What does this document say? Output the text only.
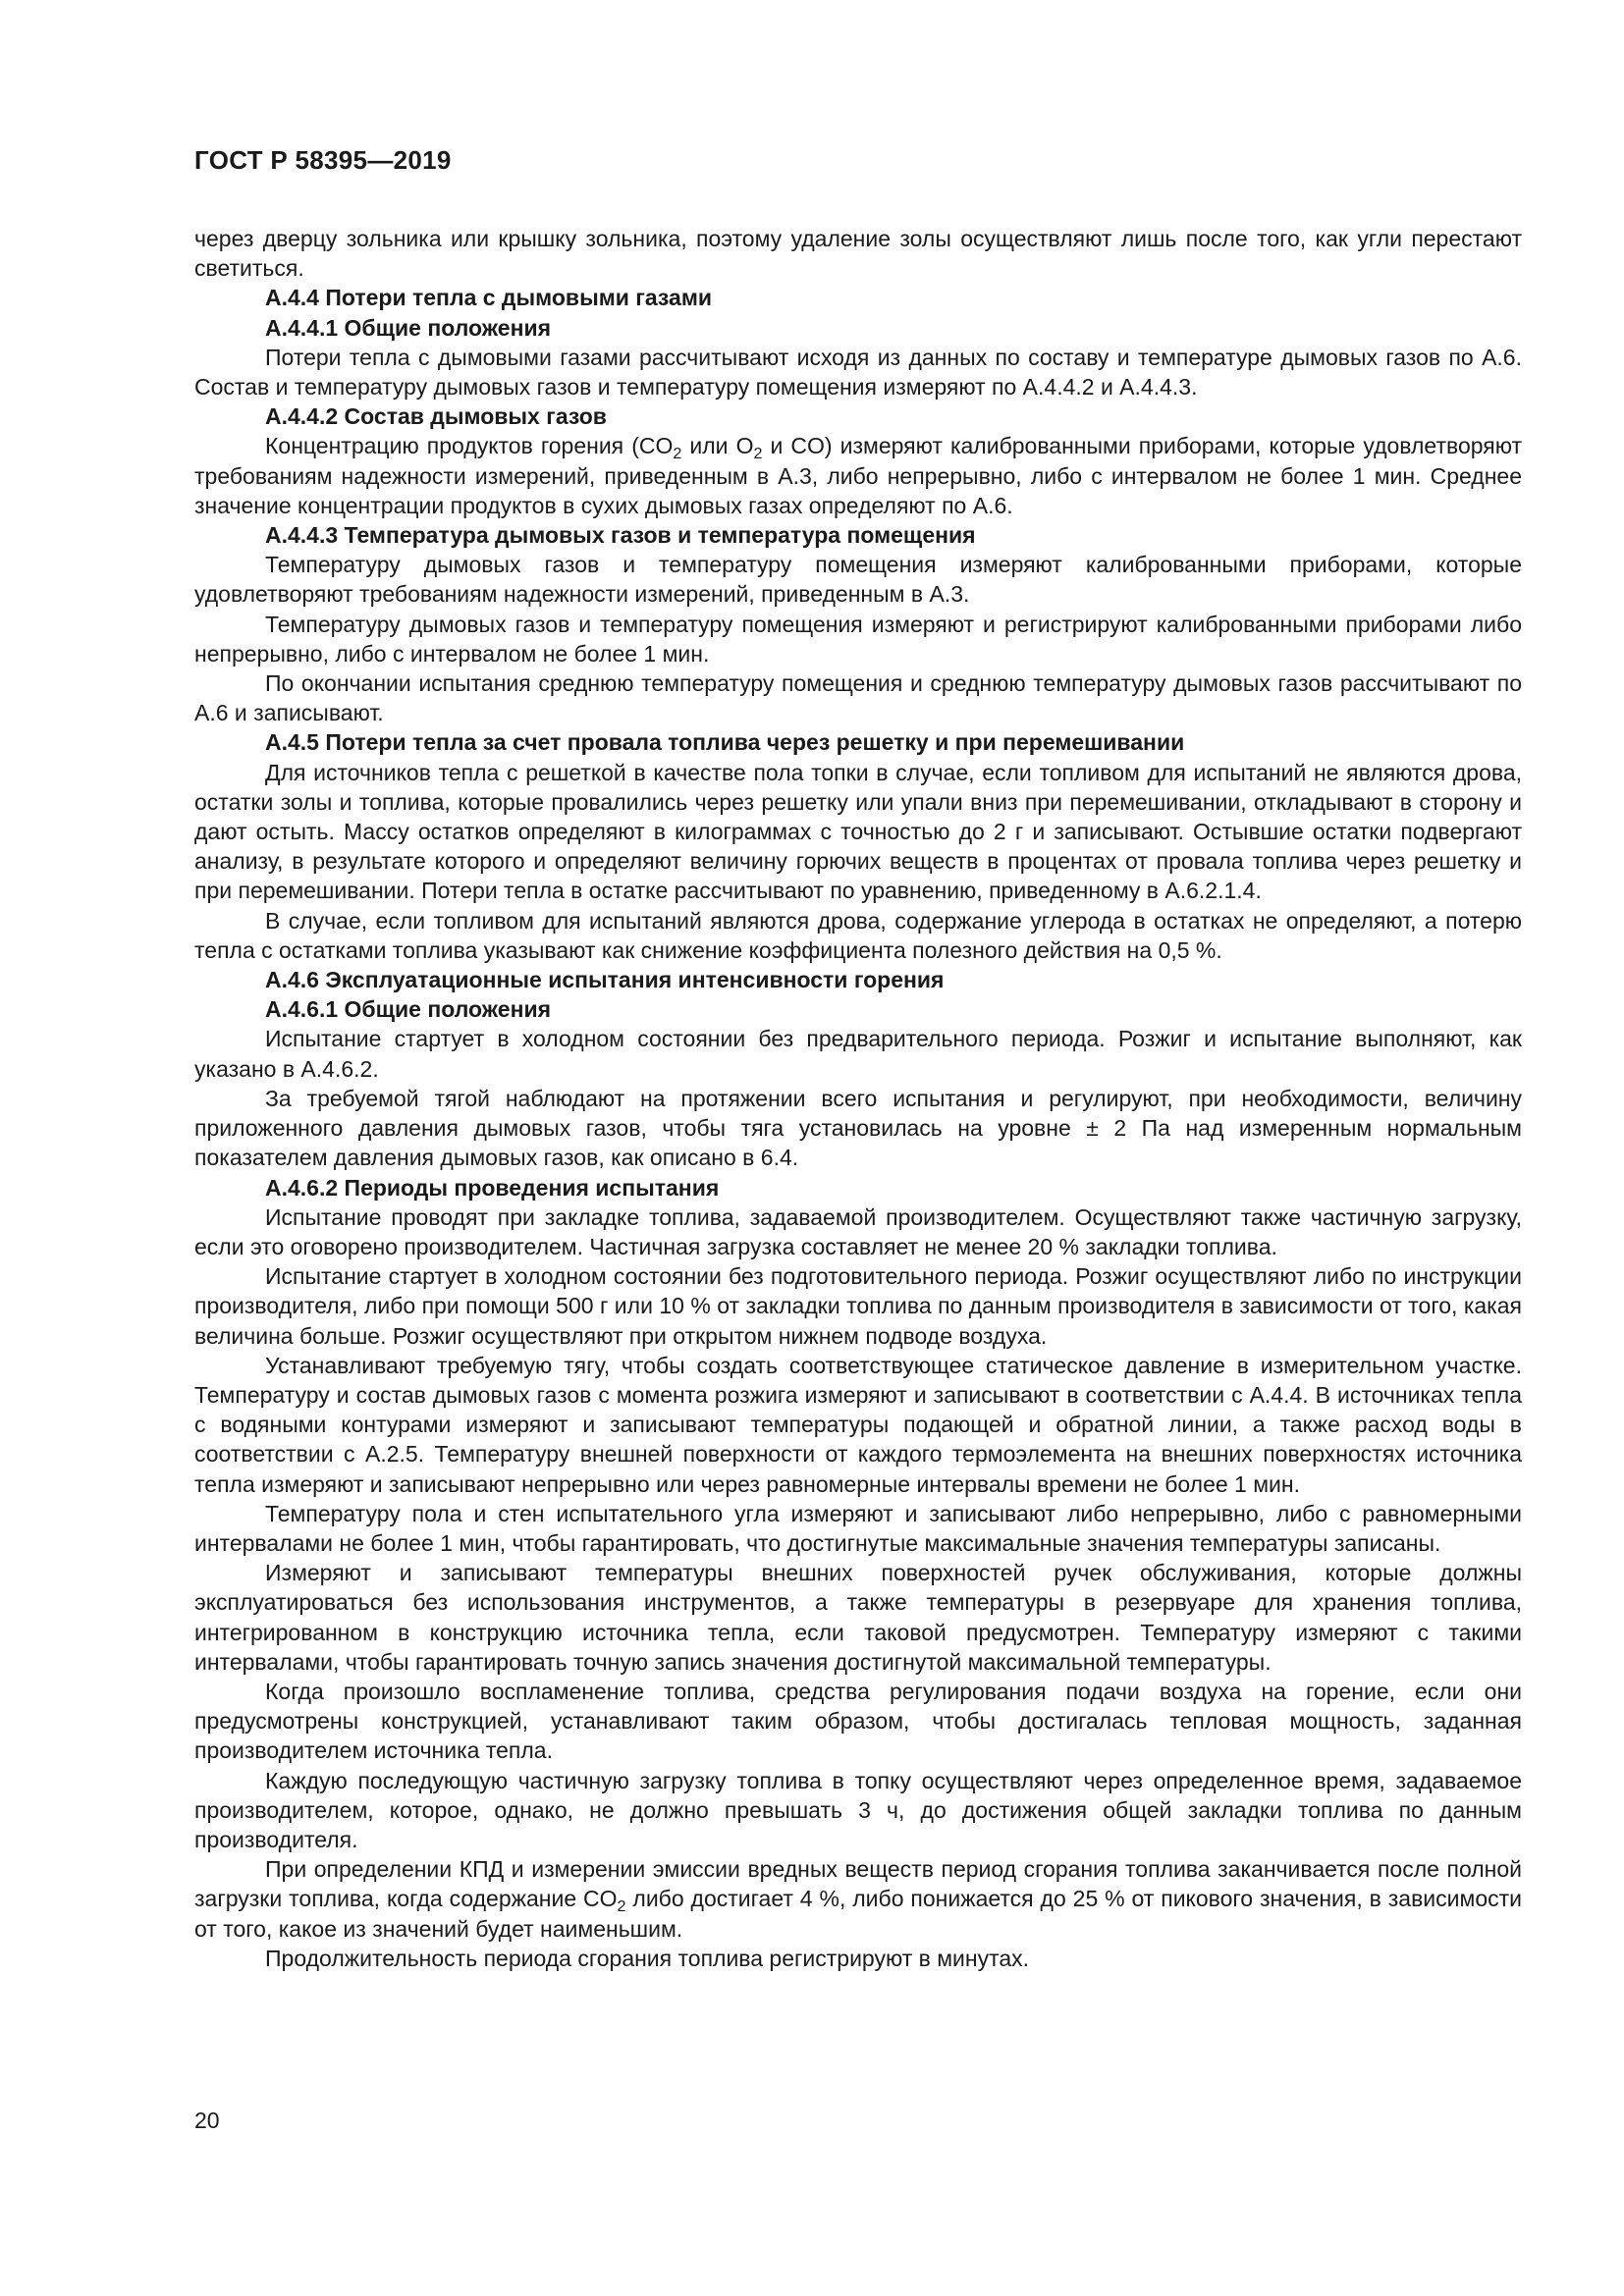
ГОСТ Р 58395—2019

через дверцу зольника или крышку зольника, поэтому удаление золы осуществляют лишь после того, как угли перестают светиться.

А.4.4 Потери тепла с дымовыми газами
А.4.4.1 Общие положения

Потери тепла с дымовыми газами рассчитывают исходя из данных по составу и температуре дымовых газов по А.6. Состав и температуру дымовых газов и температуру помещения измеряют по А.4.4.2 и А.4.4.3.

А.4.4.2 Состав дымовых газов

Концентрацию продуктов горения ($CO_2$ или $O_2$ и CO) измеряют калиброванными приборами, которые удовлетворяют требованиям надежности измерений, приведенным в А.3, либо непрерывно, либо с интервалом не более 1 мин. Среднее значение концентрации продуктов в сухих дымовых газах определяют по А.6.

А.4.4.3 Температура дымовых газов и температура помещения

Температуру дымовых газов и температуру помещения измеряют калиброванными приборами, которые удовлетворяют требованиям надежности измерений, приведенным в А.3.

Температуру дымовых газов и температуру помещения измеряют и регистрируют калиброванными приборами либо непрерывно, либо с интервалом не более 1 мин.

По окончании испытания среднюю температуру помещения и среднюю температуру дымовых газов рассчитывают по А.6 и записывают.

А.4.5 Потери тепла за счет провала топлива через решетку и при перемешивании

Для источников тепла с решеткой в качестве пола топки в случае, если топливом для испытаний не являются дрова, остатки золы и топлива, которые провалились через решетку или упали вниз при перемешивании, откладывают в сторону и дают остыть. Массу остатков определяют в килограммах с точностью до 2 г и записывают. Остывшие остатки подвергают анализу, в результате которого и определяют величину горючих веществ в процентах от провала топлива через решетку и при перемешивании. Потери тепла в остатке рассчитывают по уравнению, приведенному в А.6.2.1.4.

В случае, если топливом для испытаний являются дрова, содержание углерода в остатках не определяют, а потерю тепла с остатками топлива указывают как снижение коэффициента полезного действия на 0,5 %.

А.4.6 Эксплуатационные испытания интенсивности горения
А.4.6.1 Общие положения

Испытание стартует в холодном состоянии без предварительного периода. Розжиг и испытание выполняют, как указано в А.4.6.2.

За требуемой тягой наблюдают на протяжении всего испытания и регулируют, при необходимости, величину приложенного давления дымовых газов, чтобы тяга установилась на уровне ± 2 Па над измеренным нормальным показателем давления дымовых газов, как описано в 6.4.

А.4.6.2 Периоды проведения испытания

Испытание проводят при закладке топлива, задаваемой производителем. Осуществляют также частичную загрузку, если это оговорено производителем. Частичная загрузка составляет не менее 20 % закладки топлива.

Испытание стартует в холодном состоянии без подготовительного периода. Розжиг осуществляют либо по инструкции производителя, либо при помощи 500 г или 10 % от закладки топлива по данным производителя в зависимости от того, какая величина больше. Розжиг осуществляют при открытом нижнем подводе воздуха.

Устанавливают требуемую тягу, чтобы создать соответствующее статическое давление в измерительном участке. Температуру и состав дымовых газов с момента розжига измеряют и записывают в соответствии с А.4.4. В источниках тепла с водяными контурами измеряют и записывают температуры подающей и обратной линии, а также расход воды в соответствии с А.2.5. Температуру внешней поверхности от каждого термоэлемента на внешних поверхностях источника тепла измеряют и записывают непрерывно или через равномерные интервалы времени не более 1 мин.

Температуру пола и стен испытательного угла измеряют и записывают либо непрерывно, либо с равномерными интервалами не более 1 мин, чтобы гарантировать, что достигнутые максимальные значения температуры записаны.

Измеряют и записывают температуры внешних поверхностей ручек обслуживания, которые должны эксплуатироваться без использования инструментов, а также температуры в резервуаре для хранения топлива, интегрированном в конструкцию источника тепла, если таковой предусмотрен. Температуру измеряют с такими интервалами, чтобы гарантировать точную запись значения достигнутой максимальной температуры.

Когда произошло воспламенение топлива, средства регулирования подачи воздуха на горение, если они предусмотрены конструкцией, устанавливают таким образом, чтобы достигалась тепловая мощность, заданная производителем источника тепла.

Каждую последующую частичную загрузку топлива в топку осуществляют через определенное время, задаваемое производителем, которое, однако, не должно превышать 3 ч, до достижения общей закладки топлива по данным производителя.

При определении КПД и измерении эмиссии вредных веществ период сгорания топлива заканчивается после полной загрузки топлива, когда содержание $CO_2$ либо достигает 4 %, либо понижается до 25 % от пикового значения, в зависимости от того, какое из значений будет наименьшим.

Продолжительность периода сгорания топлива регистрируют в минутах.

20
